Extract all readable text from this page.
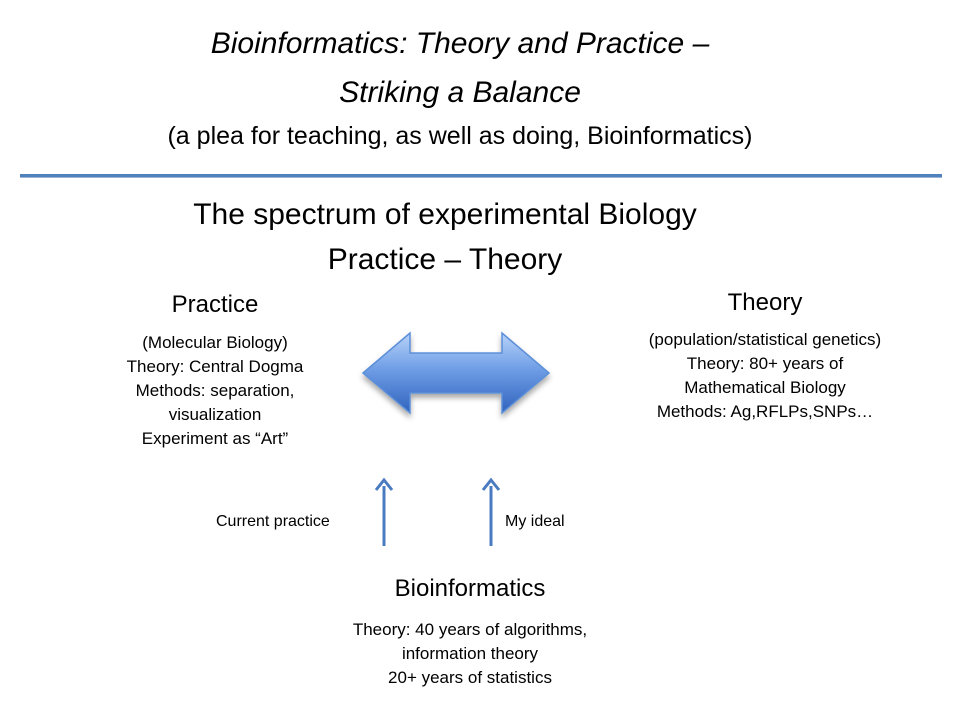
Bioinformatics: Theory and Practice –
Striking a Balance
(a plea for teaching, as well as doing, Bioinformatics)
The spectrum of experimental Biology
Practice – Theory
Practice
(Molecular Biology)
Theory: Central Dogma
Methods: separation,
visualization
Experiment as “Art”
Theory
(population/statistical genetics)
Theory: 80+ years of
Mathematical Biology
Methods: Ag,RFLPs,SNPs…
Current practice	My ideal
Bioinformatics
Theory: 40 years of algorithms,
information theory
20+ years of statistics
